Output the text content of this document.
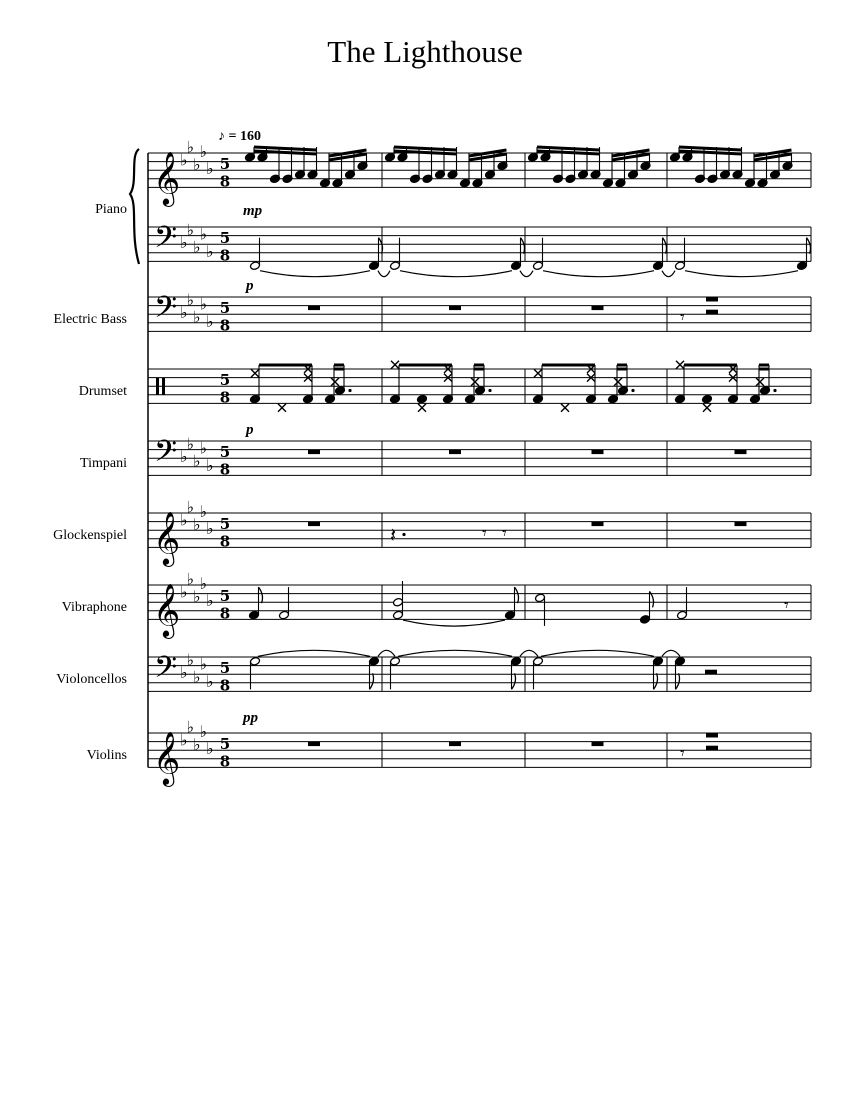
The Lighthouse
♪ = 160
𝄞 ♭
♭
♭
♭
♭ 5
8
𝄢 ♭
♭
♭
♭
♭
5
8
𝄢 ♭
♭
♭
♭
♭
5
8
5
8
𝄢 ♭
♭
♭
♭
♭
5
8
𝄞 ♭
♭
♭
♭
♭ 5
8
𝄞 ♭
♭
♭
♭
♭ 5
8
𝄢 ♭
♭
♭
♭
♭
5
8
𝄞 ♭
♭
♭
♭
♭ 5
8
Piano
Electric Bass
Drumset
Timpani
Glockenspiel
Vibraphone
Violoncellos
Violins
mp
p
p
pp
𝄾
𝄾
𝄽	𝄾 𝄾
𝄾
